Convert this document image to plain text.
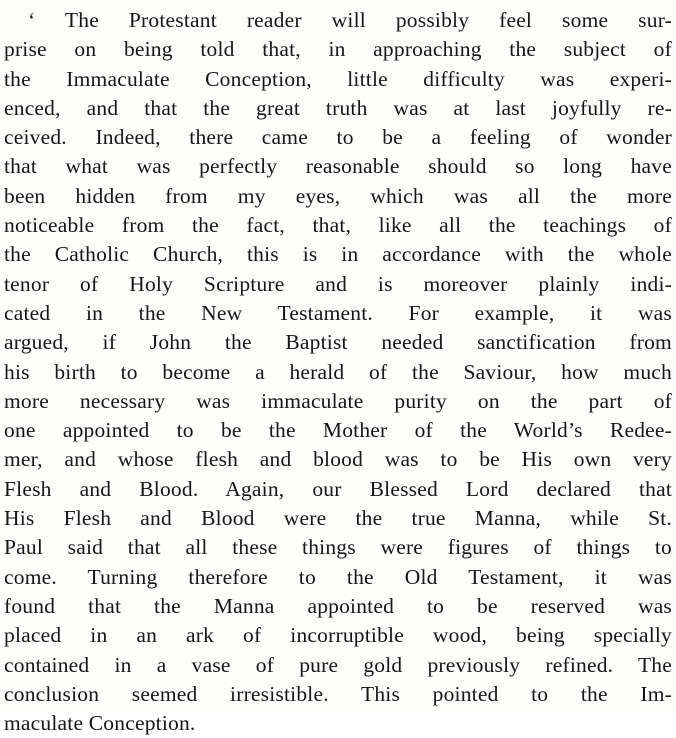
‘ The Protestant reader will possibly feel some sur-
prise on being told that, in approaching the subject of
the Immaculate Conception, little difficulty was experi-
enced, and that the great truth was at last joyfully re-
ceived. Indeed, there came to be a feeling of wonder
that what was perfectly reasonable should so long have
been hidden from my eyes, which was all the more
noticeable from the fact, that, like all the teachings of
the Catholic Church, this is in accordance with the whole
tenor of Holy Scripture and is moreover plainly indi-
cated in the New Testament. For example, it was
argued, if John the Baptist needed sanctification from
his birth to become a herald of the Saviour, how much
more necessary was immaculate purity on the part of
one appointed to be the Mother of the World’s Redee-
mer, and whose flesh and blood was to be His own very
Flesh and Blood. Again, our Blessed Lord declared that
His Flesh and Blood were the true Manna, while St.
Paul said that all these things were figures of things to
come. Turning therefore to the Old Testament, it was
found that the Manna appointed to be reserved was
placed in an ark of incorruptible wood, being specially
contained in a vase of pure gold previously refined. The
conclusion seemed irresistible. This pointed to the Im-
maculate Conception.
